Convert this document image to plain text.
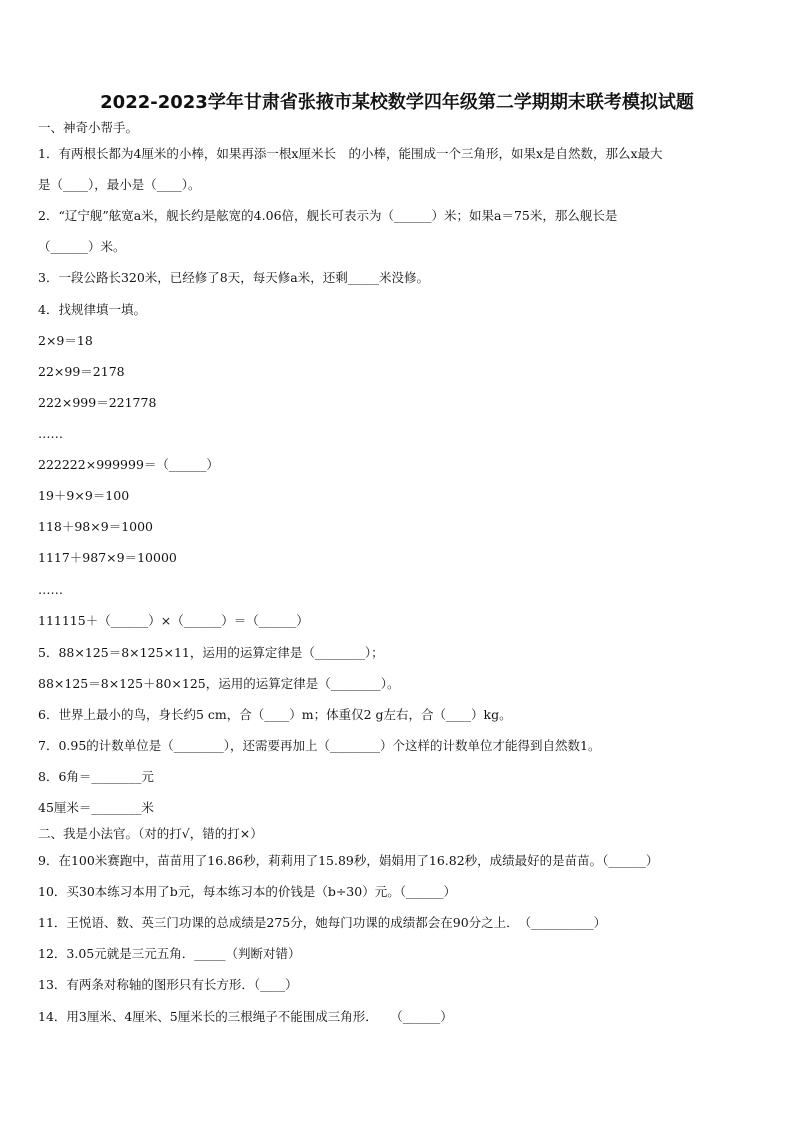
2022-2023学年甘肃省张掖市某校数学四年级第二学期期末联考模拟试题
一、神奇小帮手。
1．有两根长都为4厘米的小棒，如果再添一根x厘米长　的小棒，能围成一个三角形，如果x是自然数，那么x最大
是（____），最小是（____）。
2．“辽宁舰”舷宽a米，舰长约是舷宽的4.06倍，舰长可表示为（______）米；如果a＝75米，那么舰长是
（______）米。
3．一段公路长320米，已经修了8天，每天修a米，还剩_____米没修。
4．找规律填一填。
2×9＝18
22×99＝2178
222×999＝221778
……
222222×999999＝（______）
19＋9×9＝100
118＋98×9＝1000
1117＋987×9＝10000
……
111115＋（______）×（______）＝（______）
5．88×125＝8×125×11，运用的运算定律是（________）；
88×125＝8×125＋80×125，运用的运算定律是（________）。
6．世界上最小的鸟，身长约5 cm，合（____）m；体重仅2 g左右，合（____）kg。
7．0.95的计数单位是（________），还需要再加上（________）个这样的计数单位才能得到自然数1。
8．6角＝________元
45厘米＝________米
二、我是小法官。（对的打√，错的打×）
9．在100米赛跑中，苗苗用了16.86秒，莉莉用了15.89秒，娟娟用了16.82秒，成绩最好的是苗苗。（______）
10．买30本练习本用了b元，每本练习本的价钱是（b÷30）元。（______）
11．王悦语、数、英三门功课的总成绩是275分，她每门功课的成绩都会在90分之上．　（__________）
12．3.05元就是三元五角．_____（判断对错）
13．有两条对称轴的图形只有长方形．（____）
14．用3厘米、4厘米、5厘米长的三根绳子不能围成三角形．　　（______）
